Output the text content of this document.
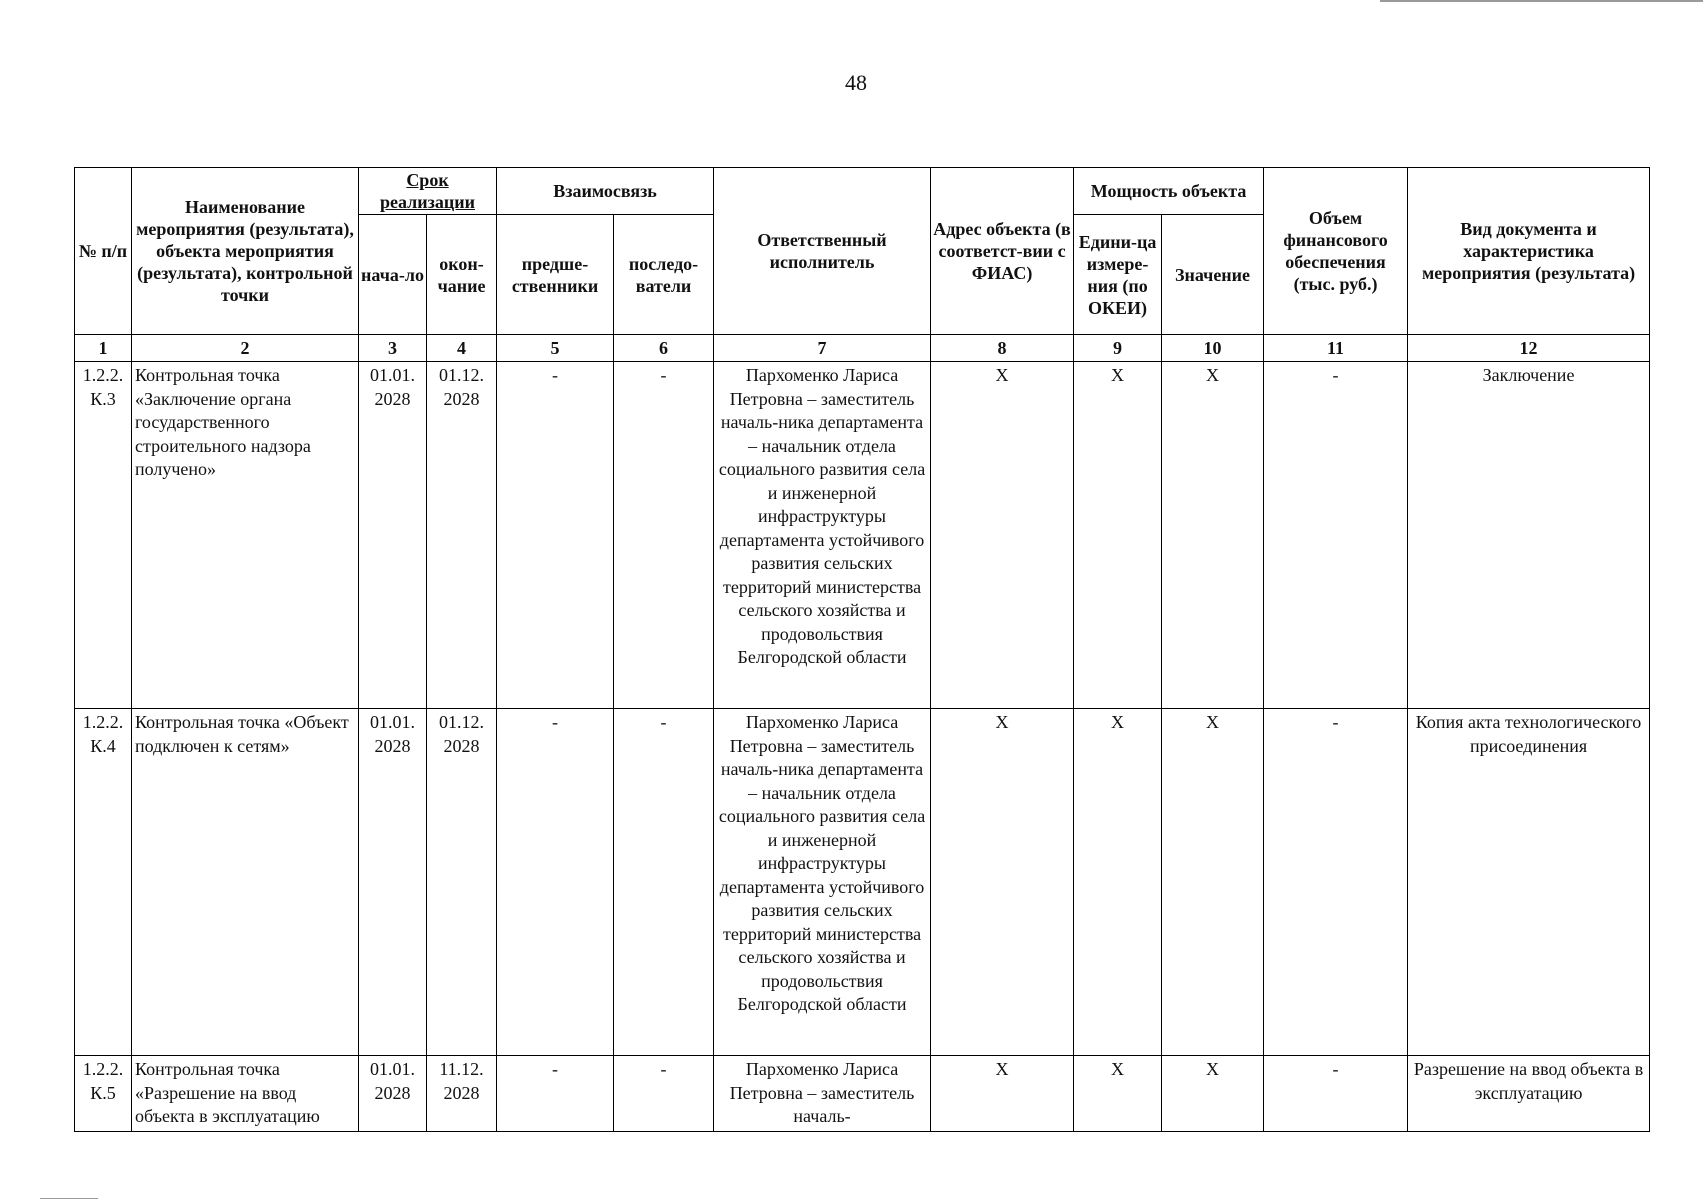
48
№ п/п	Наименование мероприятия (результата), объекта мероприятия (результата), контрольной точки	Срок реализации		Взаимосвязь		Ответственный исполнитель	Адрес объекта (в соответст-вии с ФИАС)	Мощность объекта		Объем финансового обеспечения (тыс. руб.)	Вид документа и характеристика мероприятия (результата)
		нача-ло	окон-чание	предше-ственники	последо-ватели			Едини-ца измере-ния (по ОКЕИ)	Значение		
1	2	3	4	5	6	7	8	9	10	11	12
1.2.2. К.3	Контрольная точка «Заключение органа государственного строительного надзора получено»	01.01. 2028	01.12. 2028	-	-	Пархоменко Лариса Петровна – заместитель началь-ника департамента – начальник отдела социального развития села и инженерной инфраструктуры департамента устойчивого развития сельских территорий министерства сельского хозяйства и продовольствия Белгородской области	X	X	X	-	Заключение
1.2.2. К.4	Контрольная точка «Объект подключен к сетям»	01.01. 2028	01.12. 2028	-	-	Пархоменко Лариса Петровна – заместитель началь-ника департамента – начальник отдела социального развития села и инженерной инфраструктуры департамента устойчивого развития сельских территорий министерства сельского хозяйства и продовольствия Белгородской области	X	X	X	-	Копия акта технологического присоединения
1.2.2. К.5	Контрольная точка «Разрешение на ввод объекта в эксплуатацию	01.01. 2028	11.12. 2028	-	-	Пархоменко Лариса Петровна – заместитель началь-	X	X	X	-	Разрешение на ввод объекта в эксплуатацию
